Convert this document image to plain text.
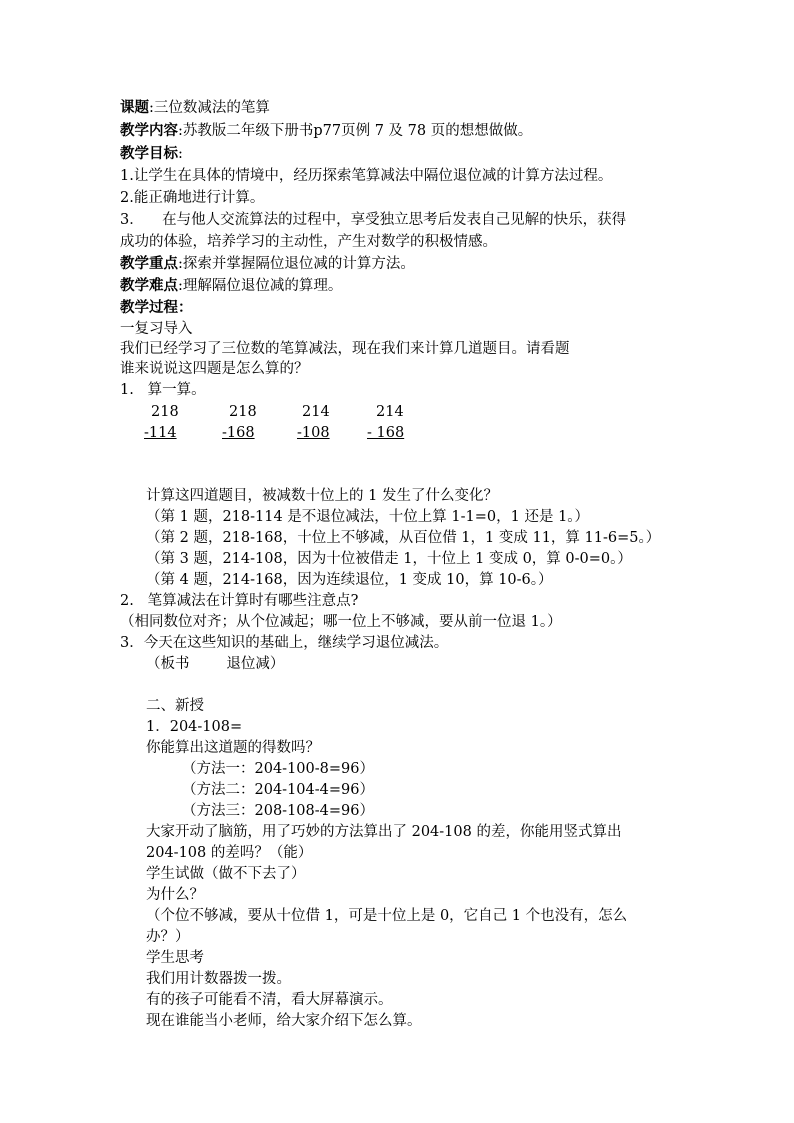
课题:三位数减法的笔算
教学内容:苏教版二年级下册书p77页例 7 及 78 页的想想做做。
教学目标:
1.让学生在具体的情境中，经历探索笔算减法中隔位退位减的计算方法过程。
2.能正确地进行计算。
3．    在与他人交流算法的过程中，享受独立思考后发表自己见解的快乐，获得
成功的体验，培养学习的主动性，产生对数学的积极情感。
教学重点:探索并掌握隔位退位减的计算方法。
教学难点:理解隔位退位减的算理。
教学过程：
一复习导入
我们已经学习了三位数的笔算减法，现在我们来计算几道题目。请看题
谁来说说这四题是怎么算的？
1.   算一算。
218
-114
218
-168
214
-108
214
- 168
计算这四道题目，被减数十位上的 1 发生了什么变化？
（第 1 题，218-114 是不退位减法，十位上算 1-1=0，1 还是 1。）
（第 2 题，218-168，十位上不够减，从百位借 1，1 变成 11，算 11-6=5。）
（第 3 题，214-108，因为十位被借走 1，十位上 1 变成 0，算 0-0=0。）
（第 4 题，214-168，因为连续退位，1 变成 10，算 10-6。）
2.   笔算减法在计算时有哪些注意点?
（相同数位对齐；从个位减起；哪一位上不够减，要从前一位退 1。）
3．今天在这些知识的基础上，继续学习退位减法。
（板书        退位减）
二、新授
1．204-108=
你能算出这道题的得数吗？
（方法一：204-100-8=96）
（方法二：204-104-4=96）
（方法三：208-108-4=96）
大家开动了脑筋，用了巧妙的方法算出了 204-108 的差，你能用竖式算出
204-108 的差吗？（能）
学生试做（做不下去了）
为什么？
（个位不够减，要从十位借 1，可是十位上是 0，它自己 1 个也没有，怎么
办？）
学生思考
我们用计数器拨一拨。
有的孩子可能看不清，看大屏幕演示。
现在谁能当小老师，给大家介绍下怎么算。
